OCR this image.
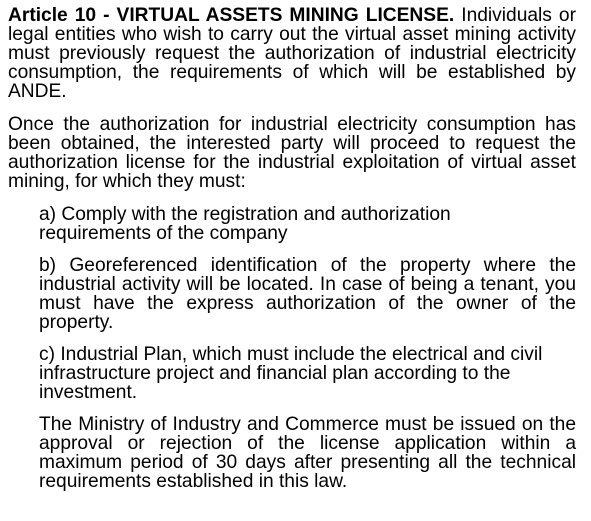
Article 10 - VIRTUAL ASSETS MINING LICENSE. Individuals or legal entities who wish to carry out the virtual asset mining activity must previously request the authorization of industrial electricity consumption, the requirements of which will be established by ANDE.

Once the authorization for industrial electricity consumption has been obtained, the interested party will proceed to request the authorization license for the industrial exploitation of virtual asset mining, for which they must:

a) Comply with the registration and authorization requirements of the company

b) Georeferenced identification of the property where the industrial activity will be located. In case of being a tenant, you must have the express authorization of the owner of the property.

c) Industrial Plan, which must include the electrical and civil infrastructure project and financial plan according to the investment.

The Ministry of Industry and Commerce must be issued on the approval or rejection of the license application within a maximum period of 30 days after presenting all the technical requirements established in this law.
